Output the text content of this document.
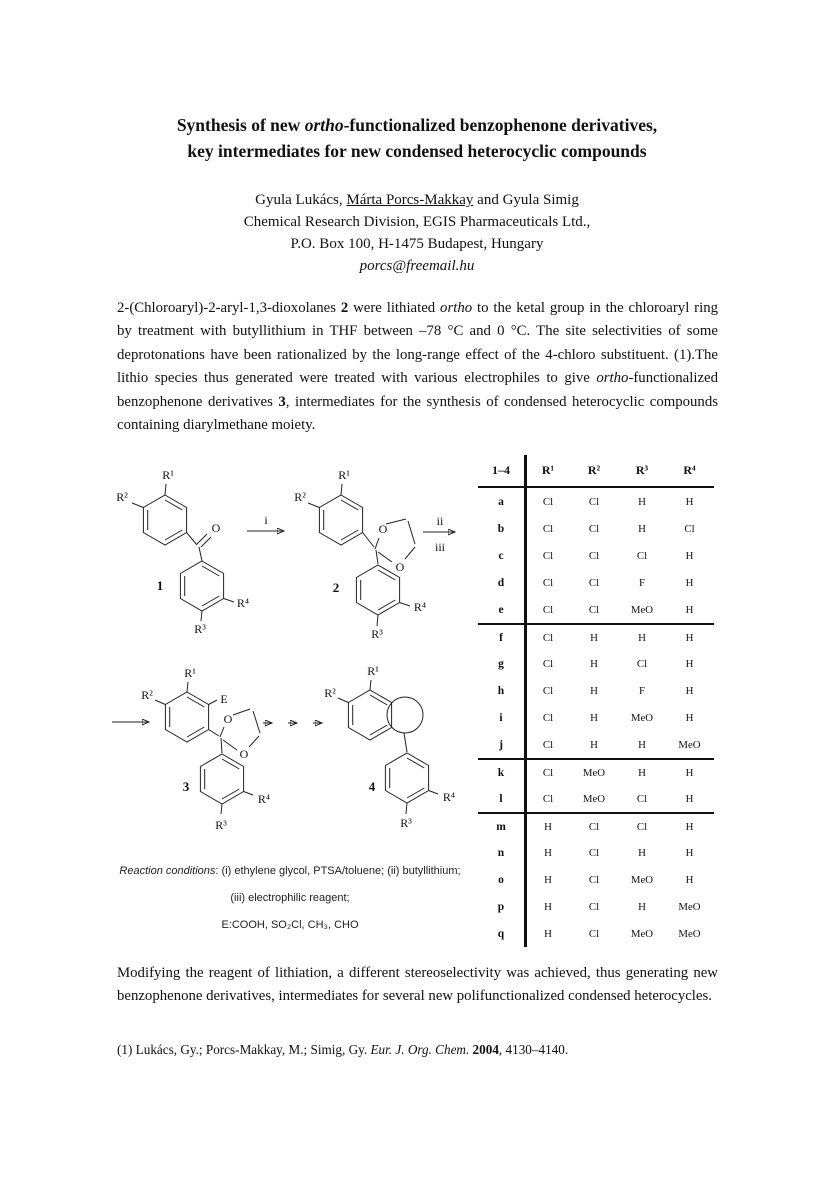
Synthesis of new ortho-functionalized benzophenone derivatives,
key intermediates for new condensed heterocyclic compounds
Gyula Lukács, Márta Porcs-Makkay and Gyula Simig
Chemical Research Division, EGIS Pharmaceuticals Ltd.,
P.O. Box 100, H-1475 Budapest, Hungary
porcs@freemail.hu
2-(Chloroaryl)-2-aryl-1,3-dioxolanes 2 were lithiated ortho to the ketal group in the chloroaryl ring by treatment with butyllithium in THF between –78 °C and 0 °C. The site selectivities of some deprotonations have been rationalized by the long-range effect of the 4-chloro substituent. (1).The lithio species thus generated were treated with various electrophiles to give ortho-functionalized benzophenone derivatives 3, intermediates for the synthesis of condensed heterocyclic compounds containing diarylmethane moiety.
R¹
R²
O
R⁴
R³
1
i
R¹
R²
O
O
R⁴
R³
2
ii
iii
R¹
R²	E
O
O
R⁴
R³
3
R¹
R²
R⁴
R³
4
Reaction conditions: (i) ethylene glycol, PTSA/toluene; (ii) butyllithium;
(iii) electrophilic reagent;
E:COOH, SO₂Cl, CH₃, CHO
1–4	R¹	R²	R³	R⁴
a	Cl	Cl	H	H
b	Cl	Cl	H	Cl
c	Cl	Cl	Cl	H
d	Cl	Cl	F	H
e	Cl	Cl	MeO	H
f	Cl	H	H	H
g	Cl	H	Cl	H
h	Cl	H	F	H
i	Cl	H	MeO	H
j	Cl	H	H	MeO
k	Cl	MeO	H	H
l	Cl	MeO	Cl	H
m	H	Cl	Cl	H
n	H	Cl	H	H
o	H	Cl	MeO	H
p	H	Cl	H	MeO
q	H	Cl	MeO	MeO
Modifying the reagent of lithiation, a different stereoselectivity was achieved, thus generating new benzophenone derivatives, intermediates for several new polifunctionalized condensed heterocycles.
(1) Lukács, Gy.; Porcs-Makkay, M.; Simig, Gy. Eur. J. Org. Chem. 2004, 4130–4140.
